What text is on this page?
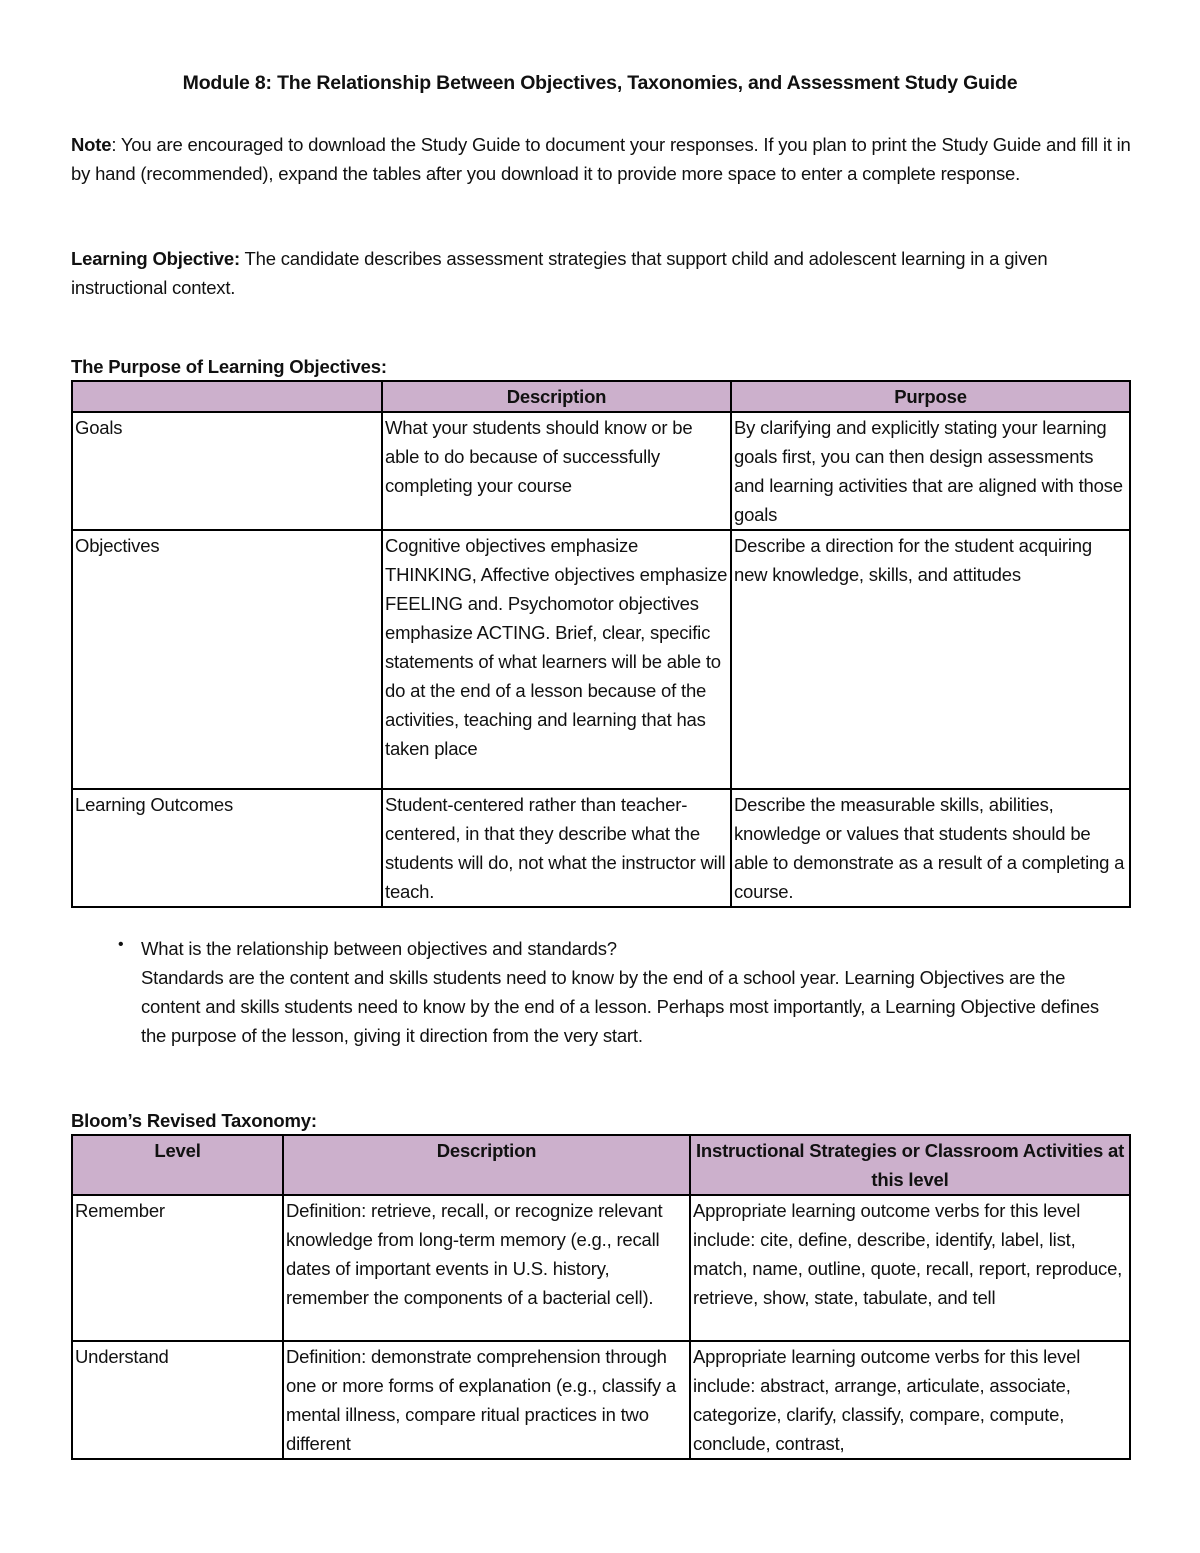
Module 8: The Relationship Between Objectives, Taxonomies, and Assessment Study Guide

Note: You are encouraged to download the Study Guide to document your responses. If you plan to print the Study Guide and fill it in by hand (recommended), expand the tables after you download it to provide more space to enter a complete response.

Learning Objective: The candidate describes assessment strategies that support child and adolescent learning in a given instructional context.

The Purpose of Learning Objectives:

	Description	Purpose
Goals	What your students should know or be able to do because of successfully completing your course	By clarifying and explicitly stating your learning goals first, you can then design assessments and learning activities that are aligned with those goals
Objectives	Cognitive objectives emphasize THINKING, Affective objectives emphasize FEELING and. Psychomotor objectives emphasize ACTING. Brief, clear, specific statements of what learners will be able to do at the end of a lesson because of the activities, teaching and learning that has taken place	Describe a direction for the student acquiring new knowledge, skills, and attitudes
Learning Outcomes	Student-centered rather than teacher-centered, in that they describe what the students will do, not what the instructor will teach.	Describe the measurable skills, abilities, knowledge or values that students should be able to demonstrate as a result of a completing a course.
• What is the relationship between objectives and standards?
Standards are the content and skills students need to know by the end of a school year. Learning Objectives are the content and skills students need to know by the end of a lesson. Perhaps most importantly, a Learning Objective defines the purpose of the lesson, giving it direction from the very start.

Bloom’s Revised Taxonomy:

Level	Description	Instructional Strategies or Classroom Activities at this level
Remember	Definition: retrieve, recall, or recognize relevant knowledge from long-term memory (e.g., recall dates of important events in U.S. history, remember the components of a bacterial cell).	Appropriate learning outcome verbs for this level include: cite, define, describe, identify, label, list, match, name, outline, quote, recall, report, reproduce, retrieve, show, state, tabulate, and tell
Understand	Definition: demonstrate comprehension through one or more forms of explanation (e.g., classify a mental illness, compare ritual practices in two different	Appropriate learning outcome verbs for this level include: abstract, arrange, articulate, associate, categorize, clarify, classify, compare, compute, conclude, contrast,
